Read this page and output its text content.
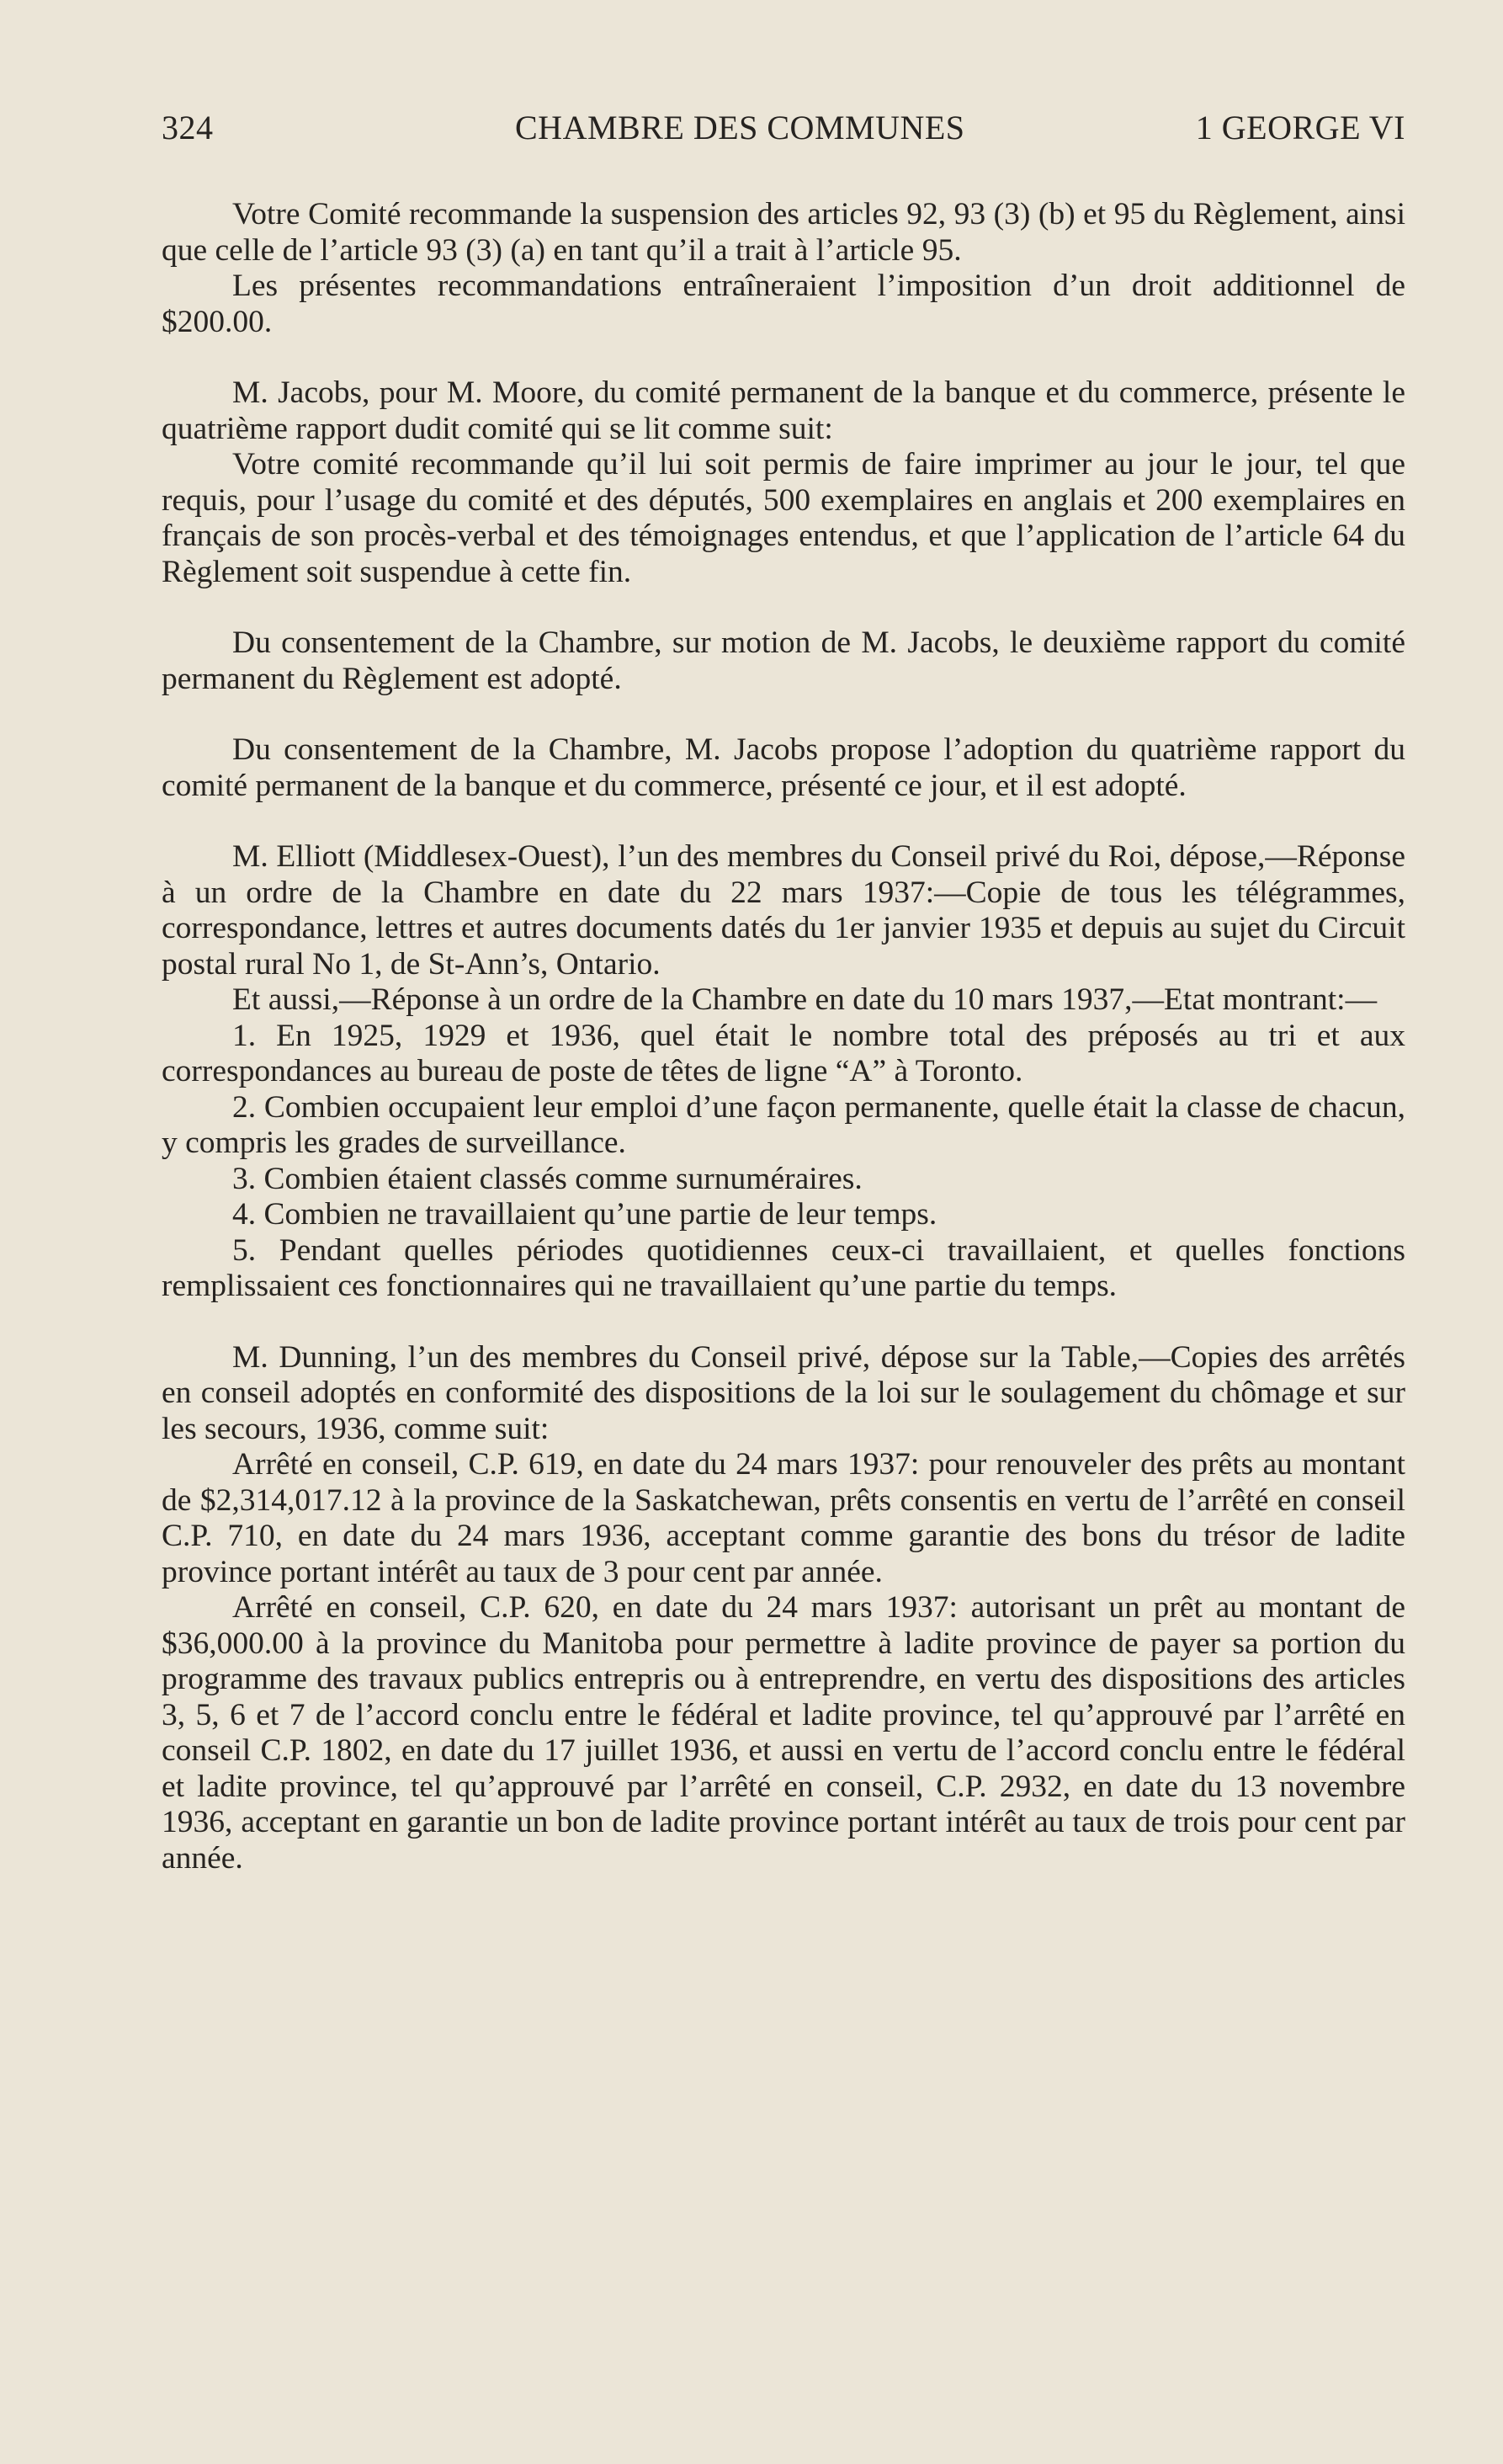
324	CHAMBRE DES COMMUNES	1 GEORGE VI

Votre Comité recommande la suspension des articles 92, 93 (3) (b) et 95 du Règlement, ainsi que celle de l’article 93 (3) (a) en tant qu’il a trait à l’article 95.

Les présentes recommandations entraîneraient l’imposition d’un droit additionnel de $200.00.

M. Jacobs, pour M. Moore, du comité permanent de la banque et du commerce, présente le quatrième rapport dudit comité qui se lit comme suit:

Votre comité recommande qu’il lui soit permis de faire imprimer au jour le jour, tel que requis, pour l’usage du comité et des députés, 500 exemplaires en anglais et 200 exemplaires en français de son procès-verbal et des témoignages entendus, et que l’application de l’article 64 du Règlement soit suspendue à cette fin.

Du consentement de la Chambre, sur motion de M. Jacobs, le deuxième rapport du comité permanent du Règlement est adopté.

Du consentement de la Chambre, M. Jacobs propose l’adoption du quatrième rapport du comité permanent de la banque et du commerce, présenté ce jour, et il est adopté.

M. Elliott (Middlesex-Ouest), l’un des membres du Conseil privé du Roi, dépose,—Réponse à un ordre de la Chambre en date du 22 mars 1937:—Copie de tous les télégrammes, correspondance, lettres et autres documents datés du 1er janvier 1935 et depuis au sujet du Circuit postal rural No 1, de St-Ann’s, Ontario.

Et aussi,—Réponse à un ordre de la Chambre en date du 10 mars 1937,—Etat montrant:—

1. En 1925, 1929 et 1936, quel était le nombre total des préposés au tri et aux correspondances au bureau de poste de têtes de ligne “A” à Toronto.

2. Combien occupaient leur emploi d’une façon permanente, quelle était la classe de chacun, y compris les grades de surveillance.

3. Combien étaient classés comme surnuméraires.

4. Combien ne travaillaient qu’une partie de leur temps.

5. Pendant quelles périodes quotidiennes ceux-ci travaillaient, et quelles fonctions remplissaient ces fonctionnaires qui ne travaillaient qu’une partie du temps.

M. Dunning, l’un des membres du Conseil privé, dépose sur la Table,—Copies des arrêtés en conseil adoptés en conformité des dispositions de la loi sur le soulagement du chômage et sur les secours, 1936, comme suit:

Arrêté en conseil, C.P. 619, en date du 24 mars 1937: pour renouveler des prêts au montant de $2,314,017.12 à la province de la Saskatchewan, prêts consentis en vertu de l’arrêté en conseil C.P. 710, en date du 24 mars 1936, acceptant comme garantie des bons du trésor de ladite province portant intérêt au taux de 3 pour cent par année.

Arrêté en conseil, C.P. 620, en date du 24 mars 1937: autorisant un prêt au montant de $36,000.00 à la province du Manitoba pour permettre à ladite province de payer sa portion du programme des travaux publics entrepris ou à entreprendre, en vertu des dispositions des articles 3, 5, 6 et 7 de l’accord conclu entre le fédéral et ladite province, tel qu’approuvé par l’arrêté en conseil C.P. 1802, en date du 17 juillet 1936, et aussi en vertu de l’accord conclu entre le fédéral et ladite province, tel qu’approuvé par l’arrêté en conseil, C.P. 2932, en date du 13 novembre 1936, acceptant en garantie un bon de ladite province portant intérêt au taux de trois pour cent par année.
